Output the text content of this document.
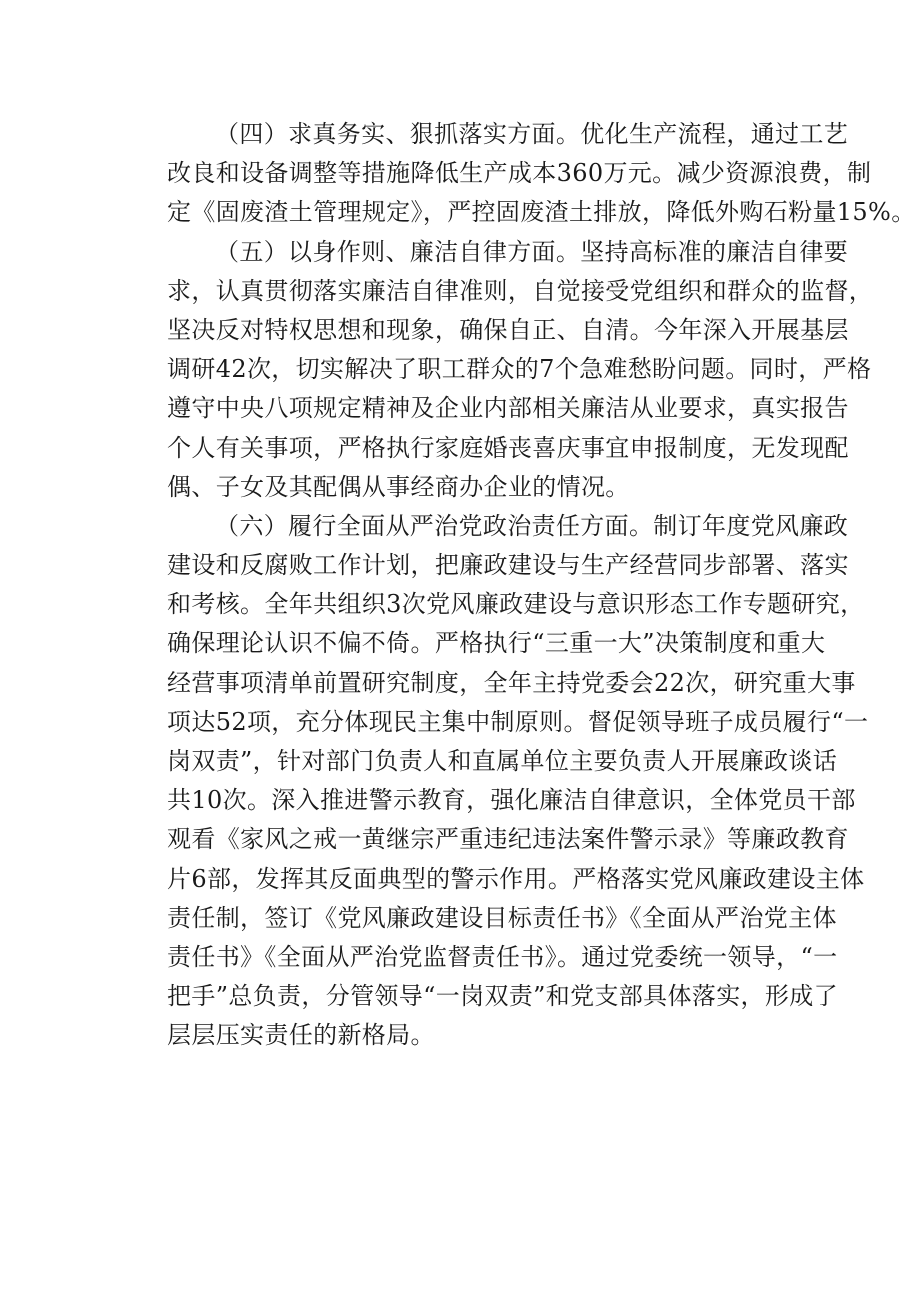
（四）求真务实、狠抓落实方面。优化生产流程，通过工艺
改良和设备调整等措施降低生产成本360万元。减少资源浪费，制
定《固废渣土管理规定》，严控固废渣土排放，降低外购石粉量15%。
（五）以身作则、廉洁自律方面。坚持高标准的廉洁自律要
求，认真贯彻落实廉洁自律准则，自觉接受党组织和群众的监督，
坚决反对特权思想和现象，确保自正、自清。今年深入开展基层
调研42次，切实解决了职工群众的7个急难愁盼问题。同时，严格
遵守中央八项规定精神及企业内部相关廉洁从业要求，真实报告
个人有关事项，严格执行家庭婚丧喜庆事宜申报制度，无发现配
偶、子女及其配偶从事经商办企业的情况。
（六）履行全面从严治党政治责任方面。制订年度党风廉政
建设和反腐败工作计划，把廉政建设与生产经营同步部署、落实
和考核。全年共组织3次党风廉政建设与意识形态工作专题研究，
确保理论认识不偏不倚。严格执行“三重一大”决策制度和重大
经营事项清单前置研究制度，全年主持党委会22次，研究重大事
项达52项，充分体现民主集中制原则。督促领导班子成员履行“一
岗双责”，针对部门负责人和直属单位主要负责人开展廉政谈话
共10次。深入推进警示教育，强化廉洁自律意识，全体党员干部
观看《家风之戒一黄继宗严重违纪违法案件警示录》等廉政教育
片6部，发挥其反面典型的警示作用。严格落实党风廉政建设主体
责任制，签订《党风廉政建设目标责任书》《全面从严治党主体
责任书》《全面从严治党监督责任书》。通过党委统一领导，“一
把手”总负责，分管领导“一岗双责”和党支部具体落实，形成了
层层压实责任的新格局。
